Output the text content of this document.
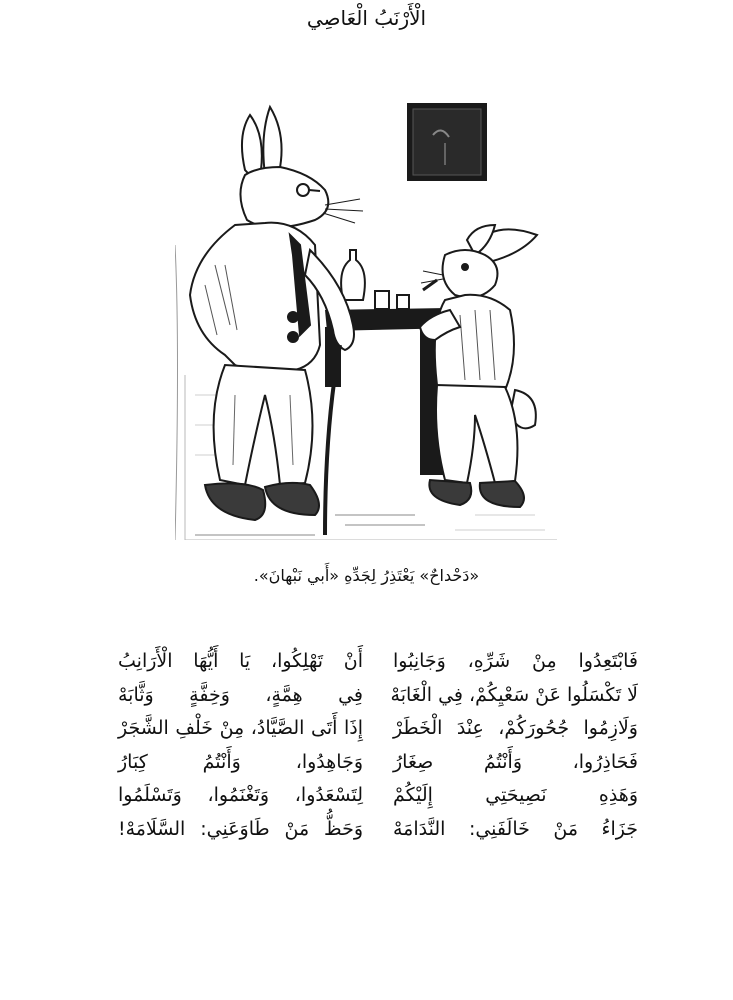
الْأَرْنَبُ الْعَاصِي
«دَحْداحٌ» يَعْتَذِرُ لِجَدِّهِ «أَبي نَبْهانَ».
فَابْتَعِدُوا مِنْ شَرِّهِ، وَجَانِبُوا
لَا تَكْسَلُوا عَنْ سَعْيِكُمْ، فِي الْغَابَهْ
وَلَازِمُوا جُحُورَكُمْ، عِنْدَ الْخَطَرْ
فَحَاذِرُوا، وَأَنْتُمُ صِغَارُ
وَهَذِهِ نَصِيحَتِي إِلَيْكُمْ
جَزَاءُ مَنْ خَالَفَنِي: النَّدَامَهْ
أَنْ تَهْلِكُوا، يَا أَيُّهَا الْأَرَانِبُ
فِي هِمَّةٍ، وَخِفَّةٍ وَثَّابَهْ
إِذَا أَتَى الصَّيَّادُ، مِنْ خَلْفِ الشَّجَرْ
وَجَاهِدُوا، وَأَنْتُمُ كِبَارُ
لِتَسْعَدُوا، وَتَغْنَمُوا، وَتَسْلَمُوا
وَحَظُّ مَنْ طَاوَعَنِي: السَّلَامَهْ!
